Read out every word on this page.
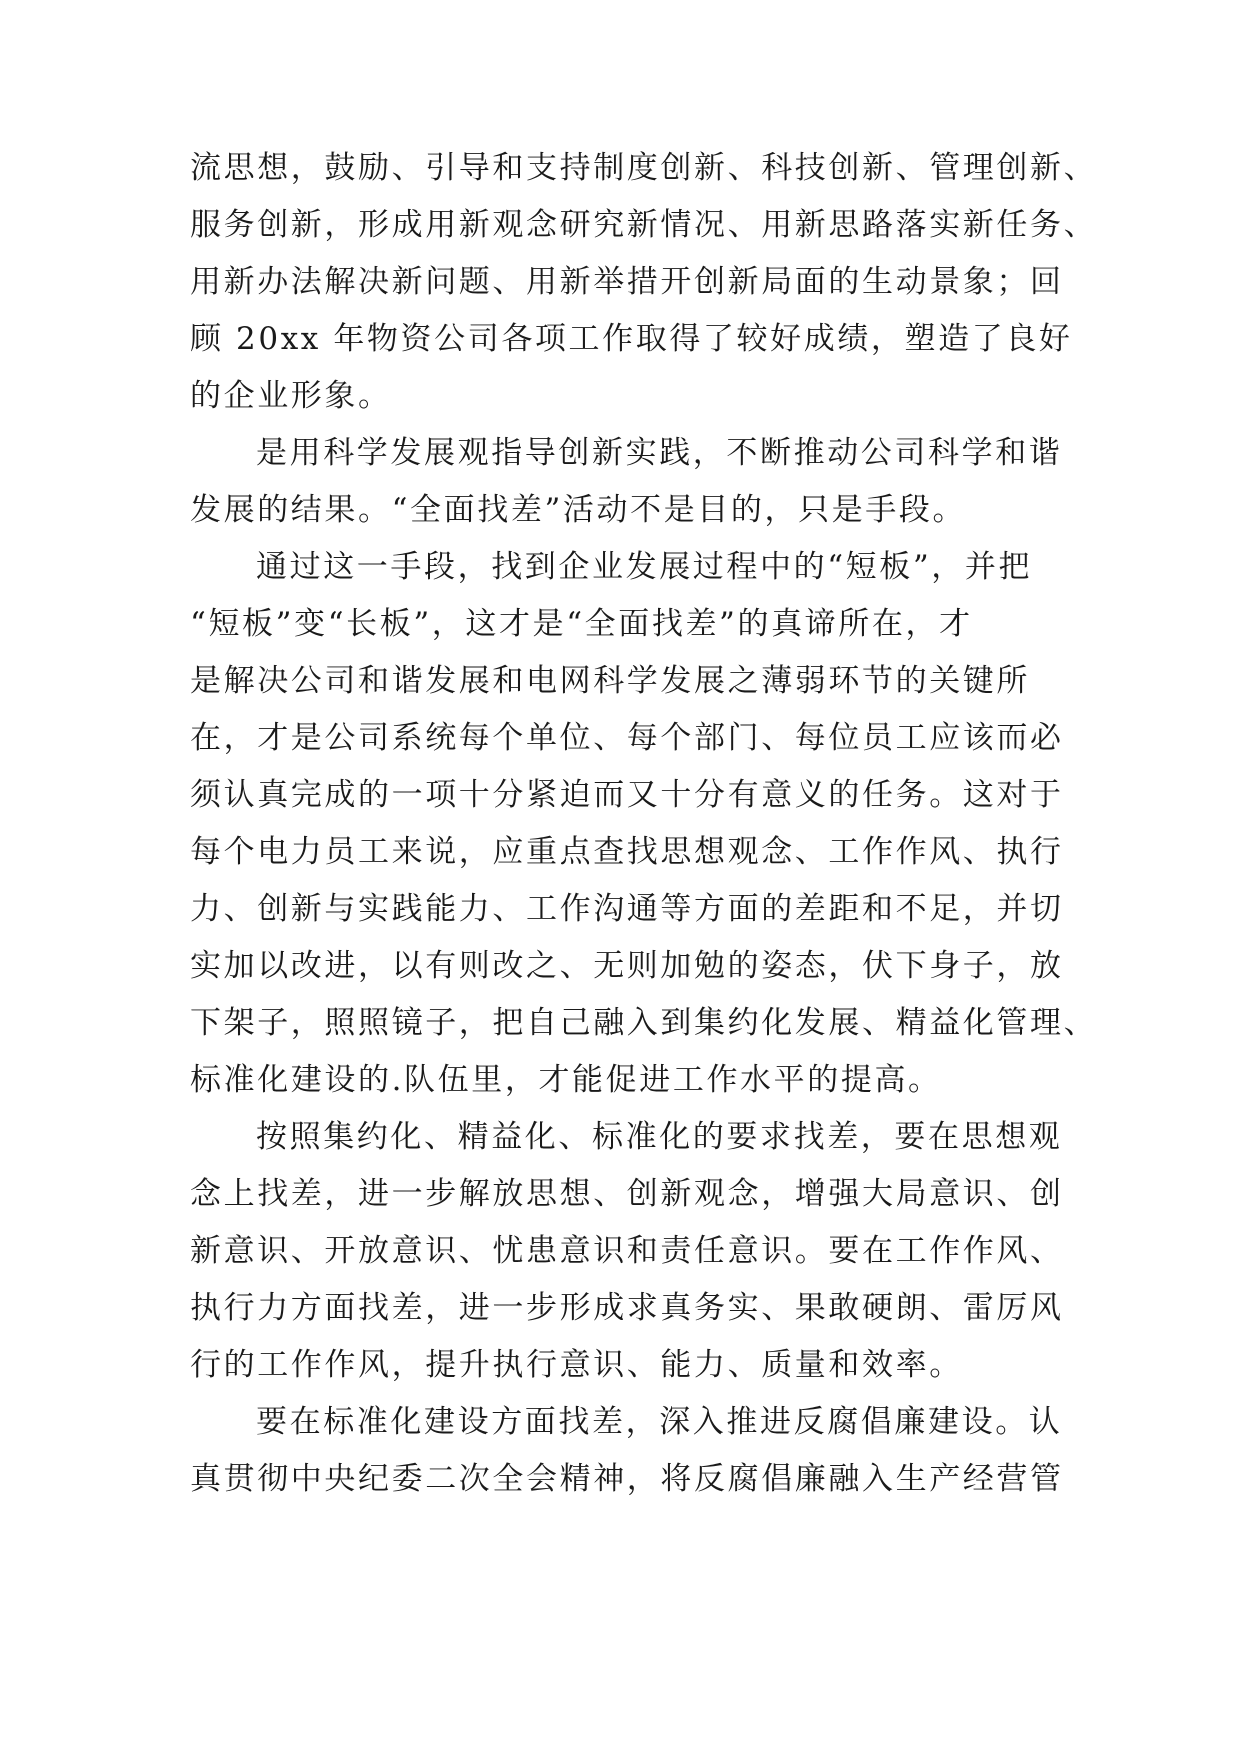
流思想，鼓励、引导和支持制度创新、科技创新、管理创新、
服务创新，形成用新观念研究新情况、用新思路落实新任务、
用新办法解决新问题、用新举措开创新局面的生动景象；回
顾 20xx 年物资公司各项工作取得了较好成绩，塑造了良好
的企业形象。
是用科学发展观指导创新实践，不断推动公司科学和谐
发展的结果。“全面找差”活动不是目的，只是手段。
通过这一手段，找到企业发展过程中的“短板”，并把
“短板”变“长板”，这才是“全面找差”的真谛所在，才
是解决公司和谐发展和电网科学发展之薄弱环节的关键所
在，才是公司系统每个单位、每个部门、每位员工应该而必
须认真完成的一项十分紧迫而又十分有意义的任务。这对于
每个电力员工来说，应重点查找思想观念、工作作风、执行
力、创新与实践能力、工作沟通等方面的差距和不足，并切
实加以改进，以有则改之、无则加勉的姿态，伏下身子，放
下架子，照照镜子，把自己融入到集约化发展、精益化管理、
标准化建设的.队伍里，才能促进工作水平的提高。
按照集约化、精益化、标准化的要求找差，要在思想观
念上找差，进一步解放思想、创新观念，增强大局意识、创
新意识、开放意识、忧患意识和责任意识。要在工作作风、
执行力方面找差，进一步形成求真务实、果敢硬朗、雷厉风
行的工作作风，提升执行意识、能力、质量和效率。
要在标准化建设方面找差，深入推进反腐倡廉建设。认
真贯彻中央纪委二次全会精神，将反腐倡廉融入生产经营管
